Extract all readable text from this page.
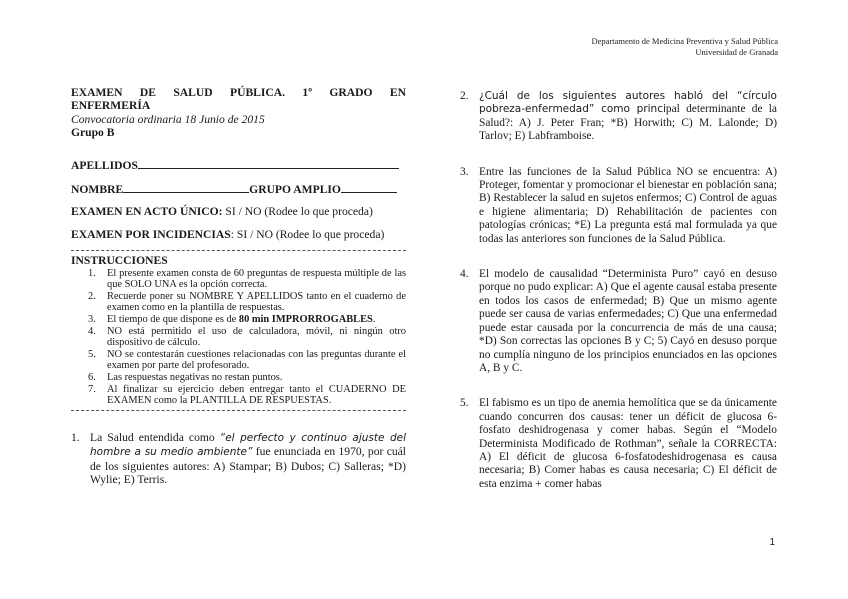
Departamento de Medicina Preventiva y Salud Pública
Universidad de Granada
EXAMEN DE SALUD PÚBLICA. 1º GRADO EN
ENFERMERÍA
Convocatoria ordinaria 18 Junio de 2015
Grupo B
APELLIDOS
NOMBRE	GRUPO AMPLIO
EXAMEN EN ACTO ÚNICO: SI / NO (Rodee lo que proceda)
EXAMEN POR INCIDENCIAS: SI / NO (Rodee lo que proceda)
INSTRUCCIONES
1. El presente examen consta de 60 preguntas de respuesta múltiple de las que SOLO UNA es la opción correcta.
2. Recuerde poner su NOMBRE Y APELLIDOS tanto en el cuaderno de examen como en la plantilla de respuestas.
3. El tiempo de que dispone es de 80 min IMPRORROGABLES.
4. NO está permitido el uso de calculadora, móvil, ni ningún otro dispositivo de cálculo.
5. NO se contestarán cuestiones relacionadas con las preguntas durante el examen por parte del profesorado.
6. Las respuestas negativas no restan puntos.
7. Al finalizar su ejercicio deben entregar tanto el CUADERNO DE EXAMEN como la PLANTILLA DE RESPUESTAS.
1. La Salud entendida como “el perfecto y continuo ajuste del hombre a su medio ambiente” fue enunciada en 1970, por cuál de los siguientes autores: A) Stampar; B) Dubos; C) Salleras; *D) Wylie; E) Terris.
2. ¿Cuál de los siguientes autores habló del “círculo pobreza-enfermedad” como principal determinante de la Salud?: A) J. Peter Fran; *B) Horwith; C) M. Lalonde; D) Tarlov; E) Labframboise.
3. Entre las funciones de la Salud Pública NO se encuentra: A) Proteger, fomentar y promocionar el bienestar en población sana; B) Restablecer la salud en sujetos enfermos; C) Control de aguas e higiene alimentaria; D) Rehabilitación de pacientes con patologías crónicas; *E) La pregunta está mal formulada ya que todas las anteriores son funciones de la Salud Pública.
4. El modelo de causalidad “Determinista Puro” cayó en desuso porque no pudo explicar: A) Que el agente causal estaba presente en todos los casos de enfermedad; B) Que un mismo agente puede ser causa de varias enfermedades; C) Que una enfermedad puede estar causada por la concurrencia de más de una causa; *D) Son correctas las opciones B y C; 5) Cayó en desuso porque no cumplía ninguno de los principios enunciados en las opciones A, B y C.
5. El fabismo es un tipo de anemia hemolítica que se da únicamente cuando concurren dos causas: tener un déficit de glucosa 6-fosfato deshidrogenasa y comer habas. Según el “Modelo Determinista Modificado de Rothman”, señale la CORRECTA: A) El déficit de glucosa 6-fosfatodeshidrogenasa es causa necesaria; B) Comer habas es causa necesaria; C) El déficit de esta enzima + comer habas
1
